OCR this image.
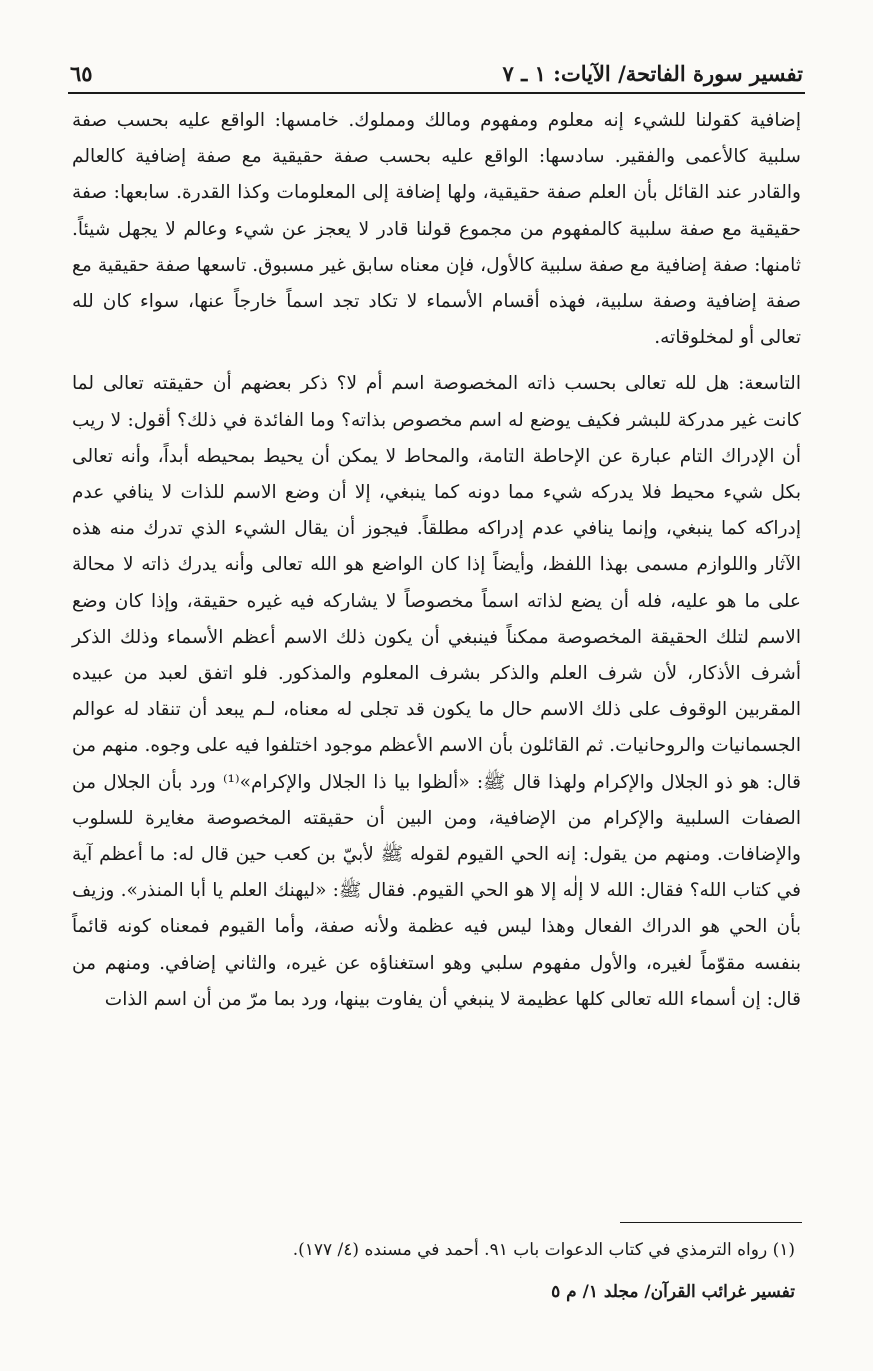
تفسير سورة الفاتحة/ الآيات: ١ ـ ٧
٦٥

إضافية كقولنا للشيء إنه معلوم ومفهوم ومالك ومملوك. خامسها: الواقع عليه بحسب صفة سلبية كالأعمى والفقير. سادسها: الواقع عليه بحسب صفة حقيقية مع صفة إضافية كالعالم والقادر عند القائل بأن العلم صفة حقيقية، ولها إضافة إلى المعلومات وكذا القدرة. سابعها: صفة حقيقية مع صفة سلبية كالمفهوم من مجموع قولنا قادر لا يعجز عن شيء وعالم لا يجهل شيئاً. ثامنها: صفة إضافية مع صفة سلبية كالأول، فإن معناه سابق غير مسبوق. تاسعها صفة حقيقية مع صفة إضافية وصفة سلبية، فهذه أقسام الأسماء لا تكاد تجد اسماً خارجاً عنها، سواء كان لله تعالى أو لمخلوقاته.

التاسعة: هل لله تعالى بحسب ذاته المخصوصة اسم أم لا؟ ذكر بعضهم أن حقيقته تعالى لما كانت غير مدركة للبشر فكيف يوضع له اسم مخصوص بذاته؟ وما الفائدة في ذلك؟ أقول: لا ريب أن الإدراك التام عبارة عن الإحاطة التامة، والمحاط لا يمكن أن يحيط بمحيطه أبداً، وأنه تعالى بكل شيء محيط فلا يدركه شيء مما دونه كما ينبغي، إلا أن وضع الاسم للذات لا ينافي عدم إدراكه كما ينبغي، وإنما ينافي عدم إدراكه مطلقاً. فيجوز أن يقال الشيء الذي تدرك منه هذه الآثار واللوازم مسمى بهذا اللفظ، وأيضاً إذا كان الواضع هو الله تعالى وأنه يدرك ذاته لا محالة على ما هو عليه، فله أن يضع لذاته اسماً مخصوصاً لا يشاركه فيه غيره حقيقة، وإذا كان وضع الاسم لتلك الحقيقة المخصوصة ممكناً فينبغي أن يكون ذلك الاسم أعظم الأسماء وذلك الذكر أشرف الأذكار، لأن شرف العلم والذكر بشرف المعلوم والمذكور. فلو اتفق لعبد من عبيده المقربين الوقوف على ذلك الاسم حال ما يكون قد تجلى له معناه، لـم يبعد أن تنقاد له عوالم الجسمانيات والروحانيات. ثم القائلون بأن الاسم الأعظم موجود اختلفوا فيه على وجوه. منهم من قال: هو ذو الجلال والإكرام ولهذا قال ﷺ: «ألظوا بيا ذا الجلال والإكرام»⁽¹⁾ ورد بأن الجلال من الصفات السلبية والإكرام من الإضافية، ومن البين أن حقيقته المخصوصة مغايرة للسلوب والإضافات. ومنهم من يقول: إنه الحي القيوم لقوله ﷺ لأبيّ بن كعب حين قال له: ما أعظم آية في كتاب الله؟ فقال: الله لا إلٰه إلا هو الحي القيوم. فقال ﷺ: «ليهنك العلم يا أبا المنذر». وزيف بأن الحي هو الدراك الفعال وهذا ليس فيه عظمة ولأنه صفة، وأما القيوم فمعناه كونه قائماً بنفسه مقوّماً لغيره، والأول مفهوم سلبي وهو استغناؤه عن غيره، والثاني إضافي. ومنهم من قال: إن أسماء الله تعالى كلها عظيمة لا ينبغي أن يفاوت بينها، ورد بما مرّ من أن اسم الذات

(١) رواه الترمذي في كتاب الدعوات باب ٩١. أحمد في مسنده (٤/ ١٧٧).
تفسير غرائب القرآن/ مجلد ١/ م ٥
